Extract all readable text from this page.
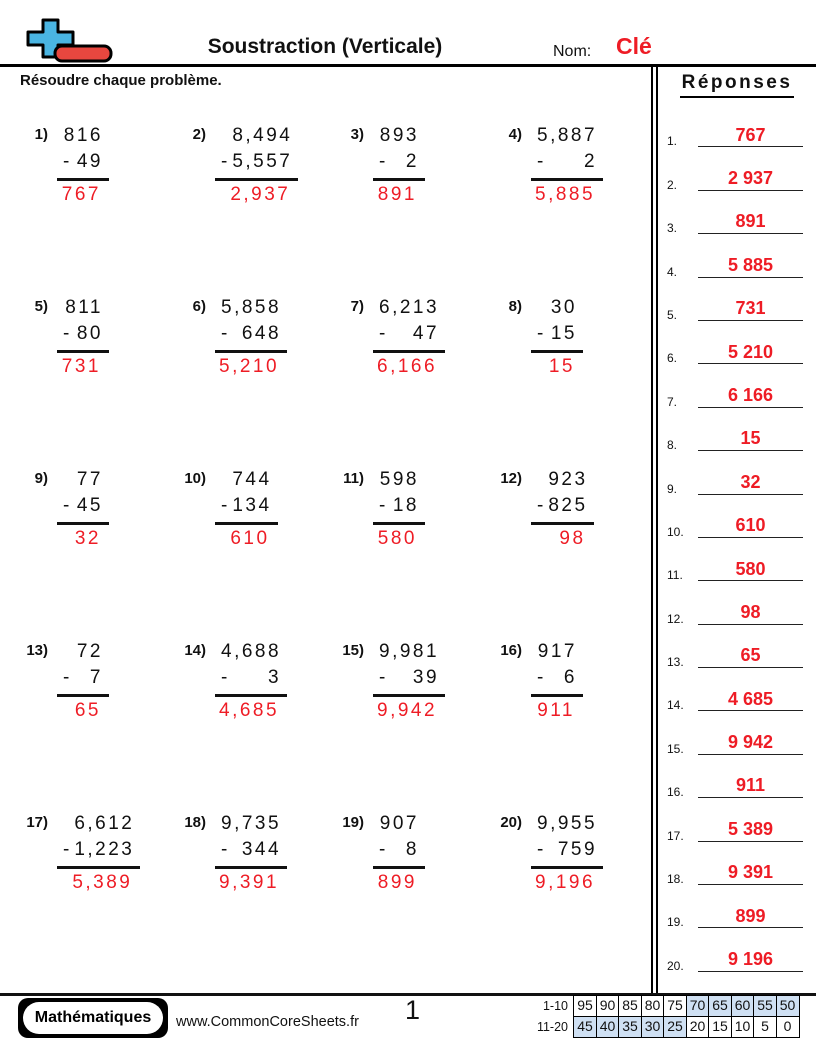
Soustraction (Verticale)	Nom: Clé
Résoudre chaque problème.
1) 816
- 49
767
2)	8,494
- 5,557
2,937
3) 893
- 2
891
4) 5,887
- 2
5,885
5) 811
- 80
731
6) 5,858
- 648
5,210
7) 6,213
- 47
6,166
8)	30
- 15
15
9)	77
- 45
32
10)	744
- 134
610
11) 598
- 18
580
12)	923
- 825
98
13)	72
- 7
65
14) 4,688
- 3
4,685
15) 9,981
- 39
9,942
16) 917
- 6
911
17)	6,612
- 1,223
5,389
18) 9,735
- 344
9,391
19) 907
- 8
899
20) 9,955
- 759
9,196
Réponses
1.	767
2.	2 937
3.	891
4.	5 885
5.	731
6.	5 210
7.	6 166
8.	15
9.	32
10.	610
11.	580
12.	98
13.	65
14.	4 685
15.	9 942
16.	911
17.	5 389
18.	9 391
19.	899
20.	9 196
Mathématiques	www.CommonCoreSheets.fr 1	1-10 95 90 85 80 75 70 65 60 55 50
11-20 45 40 35 30 25 20 15 10 5	0
